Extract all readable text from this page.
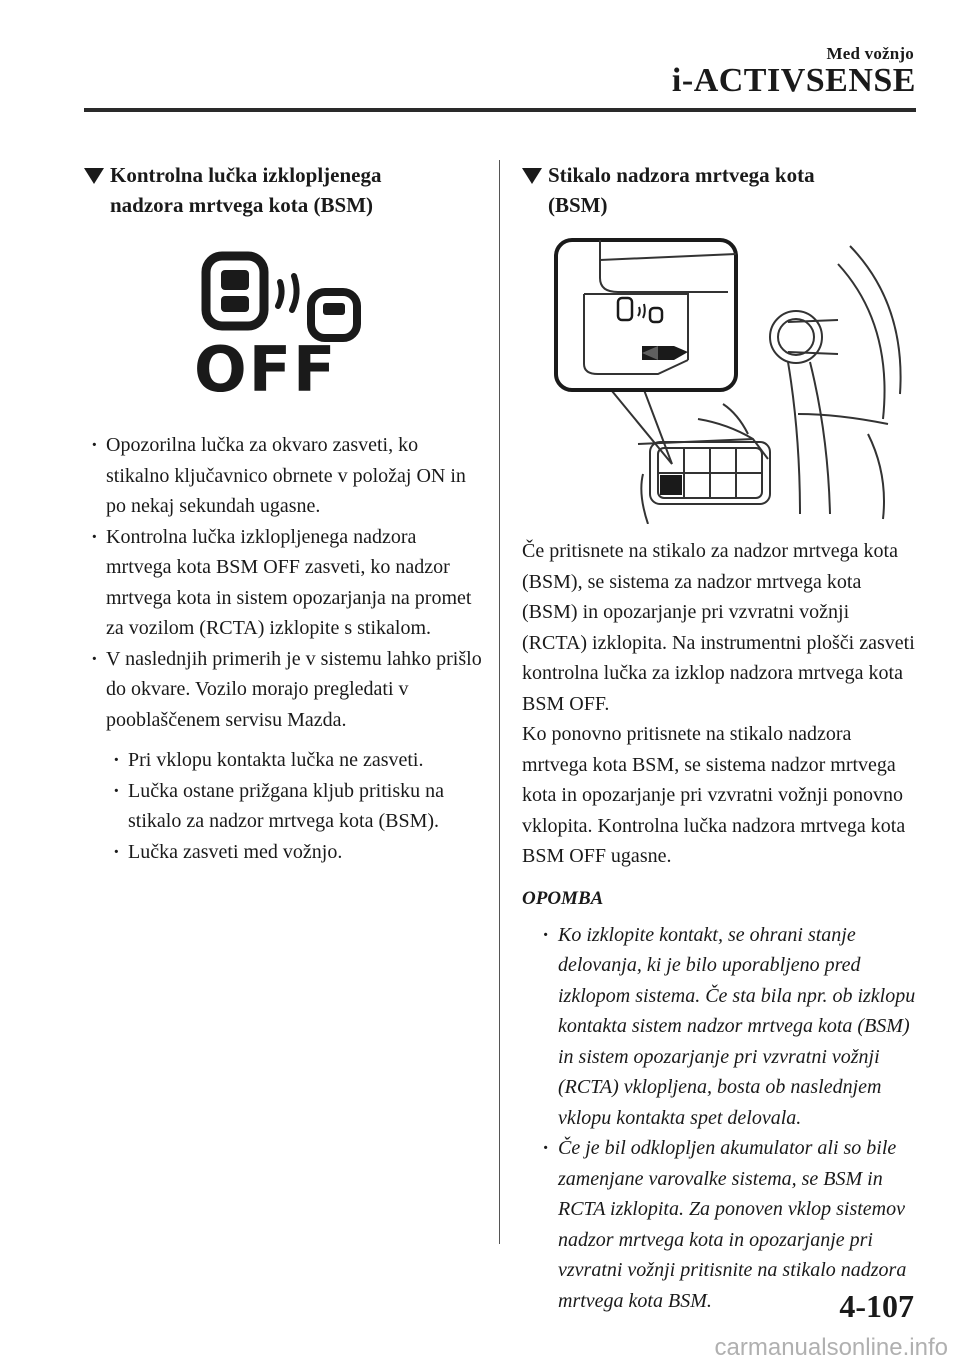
Med vožnjo
i-ACTIVSENSE
Kontrolna lučka izklopljenega
nadzora mrtvega kota (BSM)
OFF
· Opozorilna lučka za okvaro zasveti, ko stikalno ključavnico obrnete v položaj ON in po nekaj sekundah ugasne.
· Kontrolna lučka izklopljenega nadzora mrtvega kota BSM OFF zasveti, ko nadzor mrtvega kota in sistem opozarjanja na promet za vozilom (RCTA) izklopite s stikalom.
· V naslednjih primerih je v sistemu lahko prišlo do okvare. Vozilo morajo pregledati v pooblaščenem servisu Mazda.
· Pri vklopu kontakta lučka ne zasveti.
· Lučka ostane prižgana kljub pritisku na stikalo za nadzor mrtvega kota (BSM).
· Lučka zasveti med vožnjo.
Stikalo nadzora mrtvega kota
(BSM)
Če pritisnete na stikalo za nadzor mrtvega kota (BSM), se sistema za nadzor mrtvega kota (BSM) in opozarjanje pri vzvratni vožnji (RCTA) izklopita. Na instrumentni plošči zasveti kontrolna lučka za izklop nadzora mrtvega kota BSM OFF.
Ko ponovno pritisnete na stikalo nadzora mrtvega kota BSM, se sistema nadzor mrtvega kota in opozarjanje pri vzvratni vožnji ponovno vklopita. Kontrolna lučka nadzora mrtvega kota BSM OFF ugasne.
OPOMBA
· Ko izklopite kontakt, se ohrani stanje delovanja, ki je bilo uporabljeno pred izklopom sistema. Če sta bila npr. ob izklopu kontakta sistem nadzor mrtvega kota (BSM) in sistem opozarjanje pri vzvratni vožnji (RCTA) vklopljena, bosta ob naslednjem vklopu kontakta spet delovala.
· Če je bil odklopljen akumulator ali so bile zamenjane varovalke sistema, se BSM in RCTA izklopita. Za ponoven vklop sistemov nadzor mrtvega kota in opozarjanje pri vzvratni vožnji pritisnite na stikalo nadzora mrtvega kota BSM.	4-107
carmanualsonline.info
